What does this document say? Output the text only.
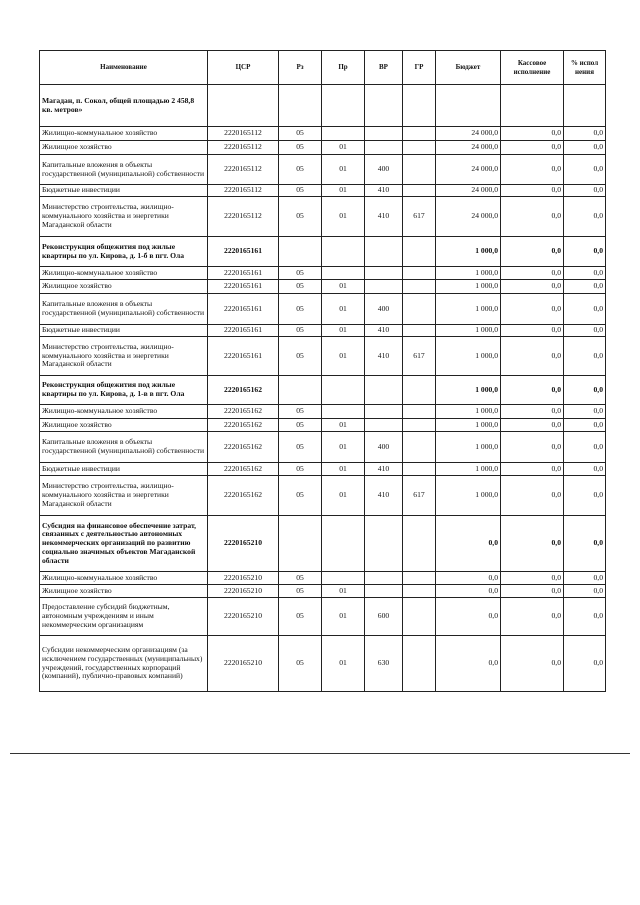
Наименование	ЦСР	Рз	Пр	ВР	ГР	Бюджет	Кассовое исполнение	% испол нения
Магадан, п. Сокол, общей площадью 2 458,8 кв. метров»								
Жилищно-коммунальное хозяйство	2220165112	05				24 000,0	0,0	0,0
Жилищное хозяйство	2220165112	05	01			24 000,0	0,0	0,0
Капитальные вложения в объекты государственной (муниципальной) собственности	2220165112	05	01	400		24 000,0	0,0	0,0
Бюджетные инвестиции	2220165112	05	01	410		24 000,0	0,0	0,0
Министерство строительства, жилищно-коммунального хозяйства и энергетики Магаданской области	2220165112	05	01	410	617	24 000,0	0,0	0,0
Реконструкция общежития под жилые квартиры по ул. Кирова, д. 1-б в пгт. Ола	2220165161					1 000,0	0,0	0,0
Жилищно-коммунальное хозяйство	2220165161	05				1 000,0	0,0	0,0
Жилищное хозяйство	2220165161	05	01			1 000,0	0,0	0,0
Капитальные вложения в объекты государственной (муниципальной) собственности	2220165161	05	01	400		1 000,0	0,0	0,0
Бюджетные инвестиции	2220165161	05	01	410		1 000,0	0,0	0,0
Министерство строительства, жилищно-коммунального хозяйства и энергетики Магаданской области	2220165161	05	01	410	617	1 000,0	0,0	0,0
Реконструкция общежития под жилые квартиры по ул. Кирова, д. 1-в в пгт. Ола	2220165162					1 000,0	0,0	0,0
Жилищно-коммунальное хозяйство	2220165162	05				1 000,0	0,0	0,0
Жилищное хозяйство	2220165162	05	01			1 000,0	0,0	0,0
Капитальные вложения в объекты государственной (муниципальной) собственности	2220165162	05	01	400		1 000,0	0,0	0,0
Бюджетные инвестиции	2220165162	05	01	410		1 000,0	0,0	0,0
Министерство строительства, жилищно-коммунального хозяйства и энергетики Магаданской области	2220165162	05	01	410	617	1 000,0	0,0	0,0
Субсидия на финансовое обеспечение затрат, связанных с деятельностью автономных некоммерческих организаций по развитию социально значимых объектов Магаданской области	2220165210					0,0	0,0	0,0
Жилищно-коммунальное хозяйство	2220165210	05				0,0	0,0	0,0
Жилищное хозяйство	2220165210	05	01			0,0	0,0	0,0
Предоставление субсидий бюджетным, автономным учреждениям и иным некоммерческим организациям	2220165210	05	01	600		0,0	0,0	0,0
Субсидии некоммерческим организациям (за исключением государственных (муниципальных) учреждений, государственных корпораций (компаний), публично-правовых компаний)	2220165210	05	01	630		0,0	0,0	0,0
